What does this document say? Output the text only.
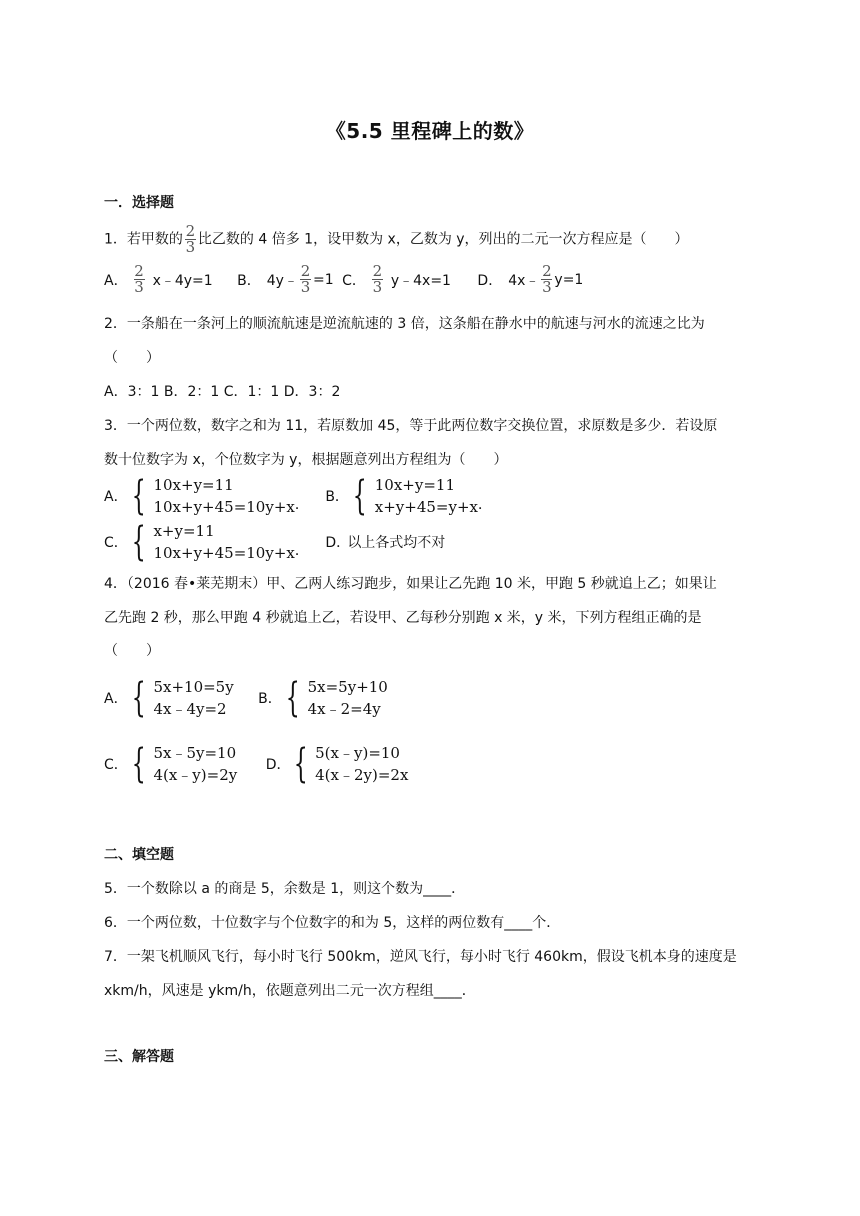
《5.5 里程碑上的数》
一．选择题
1．若甲数的 $\frac{2}{3}$ 比乙数的 4 倍多 1，设甲数为 x，乙数为 y，列出的二元一次方程应是（　　）
A． $\frac{2}{3}$ x﹣4y=1
B． 4y﹣ $\frac{2}{3} =1$
C． $\frac{2}{3}$ y﹣4x=1
D． 4x﹣ $\frac{2}{3} y=1$
2．一条船在一条河上的顺流航速是逆流航速的 3 倍，这条船在静水中的航速与河水的流速之比为
（　　）
A．3：1 B．2：1 C．1：1 D．3：2
3．一个两位数，数字之和为 11，若原数加 45，等于此两位数字交换位置，求原数是多少．若设原
数十位数字为 x，个位数字为 y，根据题意列出方程组为（　　）
A． { 10x+y=11
10x+y+45=10y+x ．
B． { 10x+y=11
x+y+45=y+x ．
C． { x+y=11
10x+y+45=10y+x ．
D．
以上各式均不对
4．（2016 春•莱芜期末）甲、乙两人练习跑步，如果让乙先跑 10 米，甲跑 5 秒就追上乙；如果让
乙先跑 2 秒，那么甲跑 4 秒就追上乙，若设甲、乙每秒分别跑 x 米，y 米，下列方程组正确的是
（　　）
A． { 5x+10=5y
4x﹣4y=2

B． { 5x=5y+10
4x﹣2=4y
C． { 5x﹣5y=10
4(x﹣y)=2y

D． { 5(x﹣y)=10
4(x﹣2y)=2x
二、填空题
5．一个数除以 a 的商是 5，余数是 1，则这个数为____．
6．一个两位数，十位数字与个位数字的和为 5，这样的两位数有____个．
7．一架飞机顺风飞行，每小时飞行 500km，逆风飞行，每小时飞行 460km，假设飞机本身的速度是
xkm/h，风速是 ykm/h，依题意列出二元一次方程组____．
三、解答题
